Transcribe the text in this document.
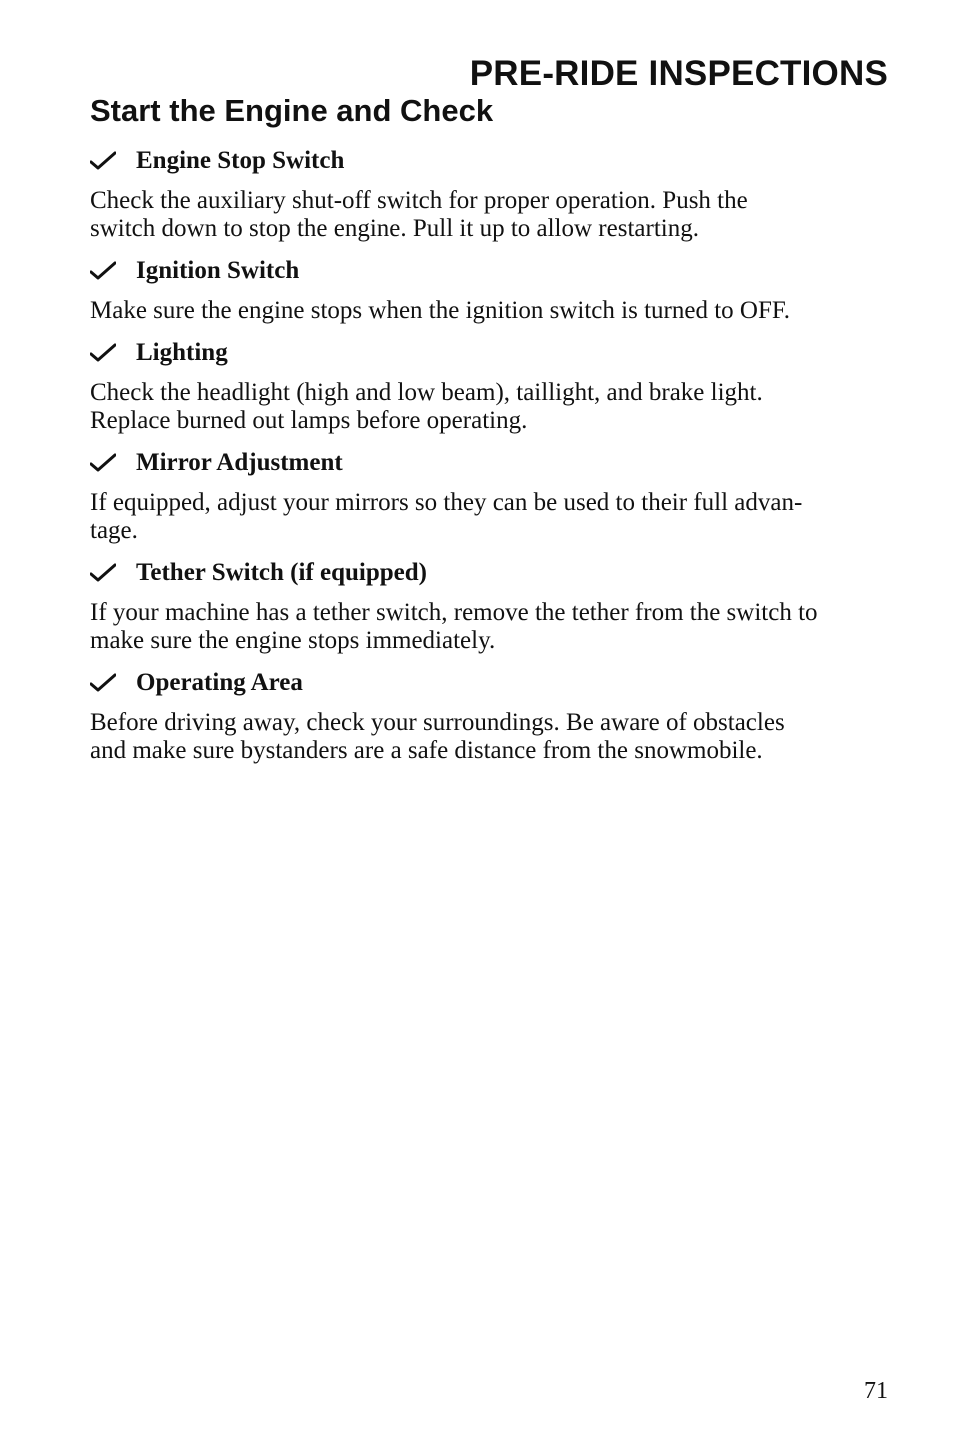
PRE-RIDE INSPECTIONS
Start the Engine and Check
Engine Stop Switch

Check the auxiliary shut-off switch for proper operation. Push the
switch down to stop the engine. Pull it up to allow restarting.

Ignition Switch

Make sure the engine stops when the ignition switch is turned to OFF.

Lighting

Check the headlight (high and low beam), taillight, and brake light.
Replace burned out lamps before operating.

Mirror Adjustment

If equipped, adjust your mirrors so they can be used to their full advan-
tage.

Tether Switch (if equipped)

If your machine has a tether switch, remove the tether from the switch to
make sure the engine stops immediately.

Operating Area

Before driving away, check your surroundings. Be aware of obstacles
and make sure bystanders are a safe distance from the snowmobile.

71
